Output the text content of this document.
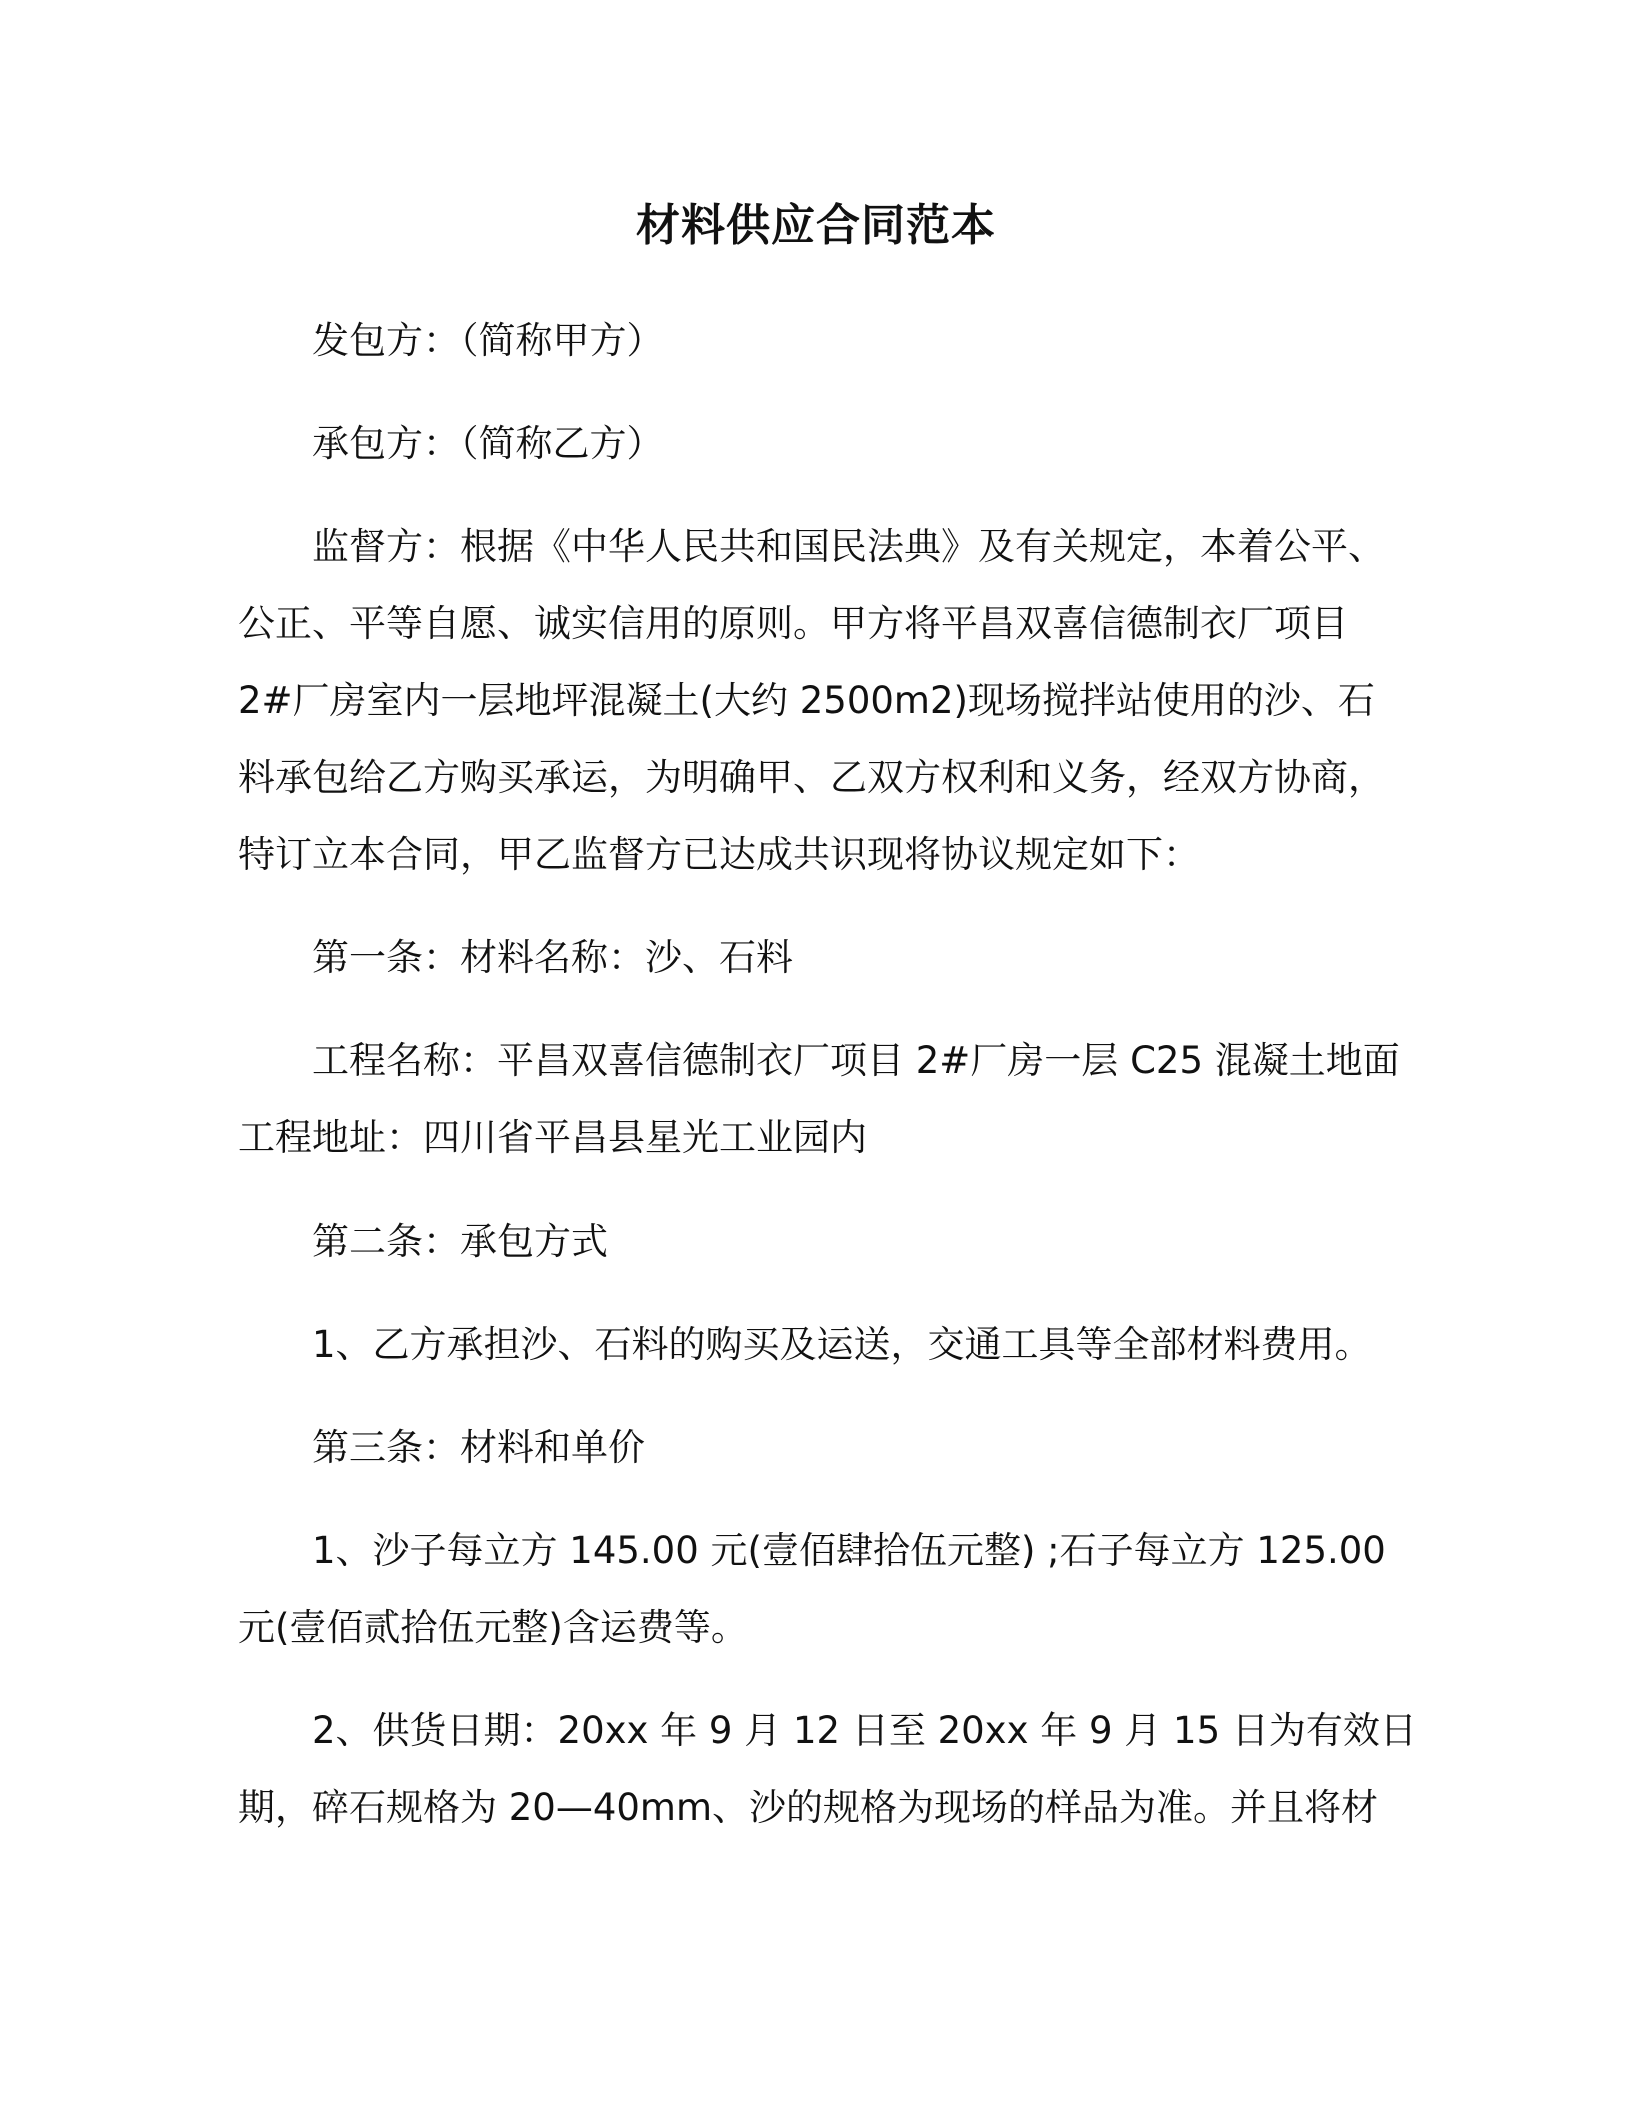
材料供应合同范本
发包方：（简称甲方）
承包方：（简称乙方）
监督方：根据《中华人民共和国民法典》及有关规定，本着公平、
公正、平等自愿、诚实信用的原则。甲方将平昌双喜信德制衣厂项目
2#厂房室内一层地坪混凝土(大约 2500m2)现场搅拌站使用的沙、石
料承包给乙方购买承运，为明确甲、乙双方权利和义务，经双方协商，
特订立本合同，甲乙监督方已达成共识现将协议规定如下：
第一条：材料名称：沙、石料
工程名称：平昌双喜信德制衣厂项目 2#厂房一层 C25 混凝土地面
工程地址：四川省平昌县星光工业园内
第二条：承包方式
1、乙方承担沙、石料的购买及运送，交通工具等全部材料费用。
第三条：材料和单价
1、沙子每立方 145.00 元(壹佰肆拾伍元整) ;石子每立方 125.00
元(壹佰贰拾伍元整)含运费等。
2、供货日期：20xx 年 9 月 12 日至 20xx 年 9 月 15 日为有效日
期，碎石规格为 20—40mm、沙的规格为现场的样品为准。并且将材
